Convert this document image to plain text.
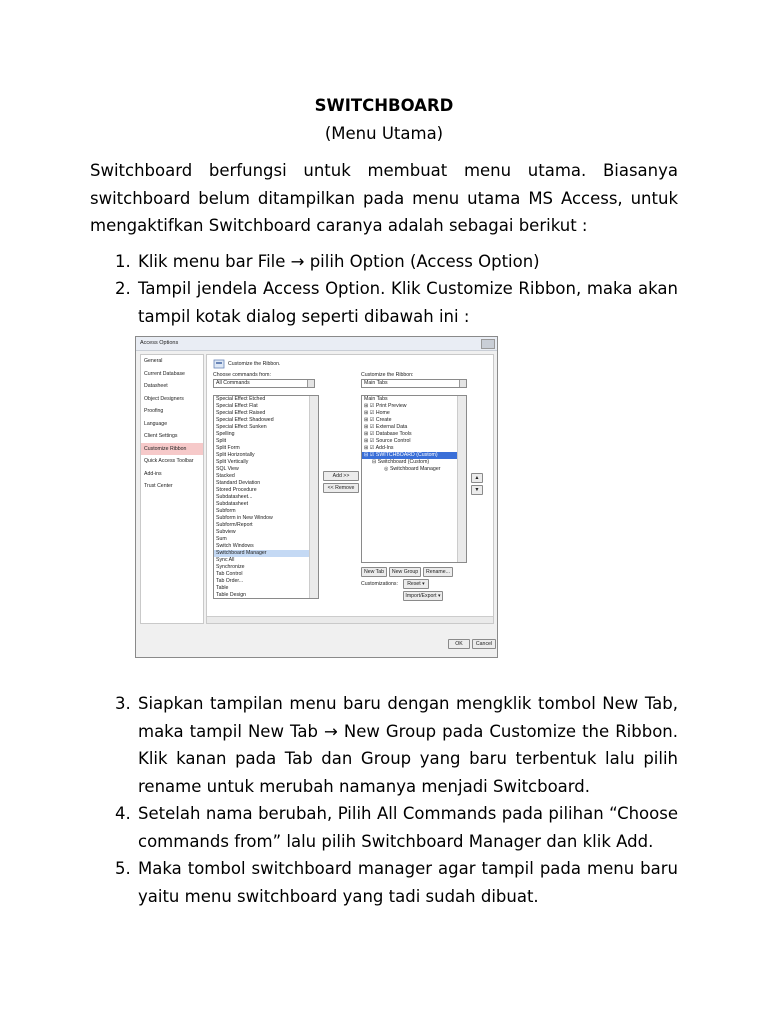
SWITCHBOARD

(Menu Utama)

Switchboard berfungsi untuk membuat menu utama. Biasanya switchboard belum ditampilkan pada menu utama MS Access, untuk mengaktifkan Switchboard caranya adalah sebagai berikut :

1. Klik menu bar File → pilih Option (Access Option)
2. Tampil jendela Access Option. Klik Customize Ribbon, maka akan tampil kotak dialog seperti dibawah ini :
Access Options
General
Current Database
Datasheet
Object Designers
Proofing
Language
Client Settings
Customize Ribbon
Quick Access Toolbar
Add-ins
Trust Center
Customize the Ribbon.
Choose commands from:
All Commands
Customize the Ribbon:
Main Tabs
Special Effect Etched
Special Effect Flat
Special Effect Raised
Special Effect Shadowed
Special Effect Sunken
Spelling
Split
Split Form
Split Horizontally
Split Vertically
SQL View
Stacked
Standard Deviation
Stored Procedure
Subdatasheet...
Subdatasheet
Subform
Subform in New Window
Subform/Report
Subview
Sum
Switch Windows
Switchboard Manager
Sync All
Synchronize
Tab Control
Tab Order...
Table
Table Design
Add >>
<< Remove
Main Tabs
⊞ ☑ Print Preview
⊞ ☑ Home
⊞ ☑ Create
⊞ ☑ External Data
⊞ ☑ Database Tools
⊞ ☑ Source Control
⊞ ☑ Add-Ins
⊟ ☑ SWITCHBOARD (Custom)
⊟ Switchboard (Custom)
◎ Switchboard Manager
▲
▼
New Tab	New Group	Rename...
Customizations:	Reset ▾
Import/Export ▾
OK	Cancel
3. Siapkan tampilan menu baru dengan mengklik tombol New Tab, maka tampil New Tab → New Group pada Customize the Ribbon. Klik kanan pada Tab dan Group yang baru terbentuk lalu pilih rename untuk merubah namanya menjadi Switcboard.
4. Setelah nama berubah, Pilih All Commands pada pilihan “Choose commands from” lalu pilih Switchboard Manager dan klik Add.
5. Maka tombol switchboard manager agar tampil pada menu baru yaitu menu switchboard yang tadi sudah dibuat.
